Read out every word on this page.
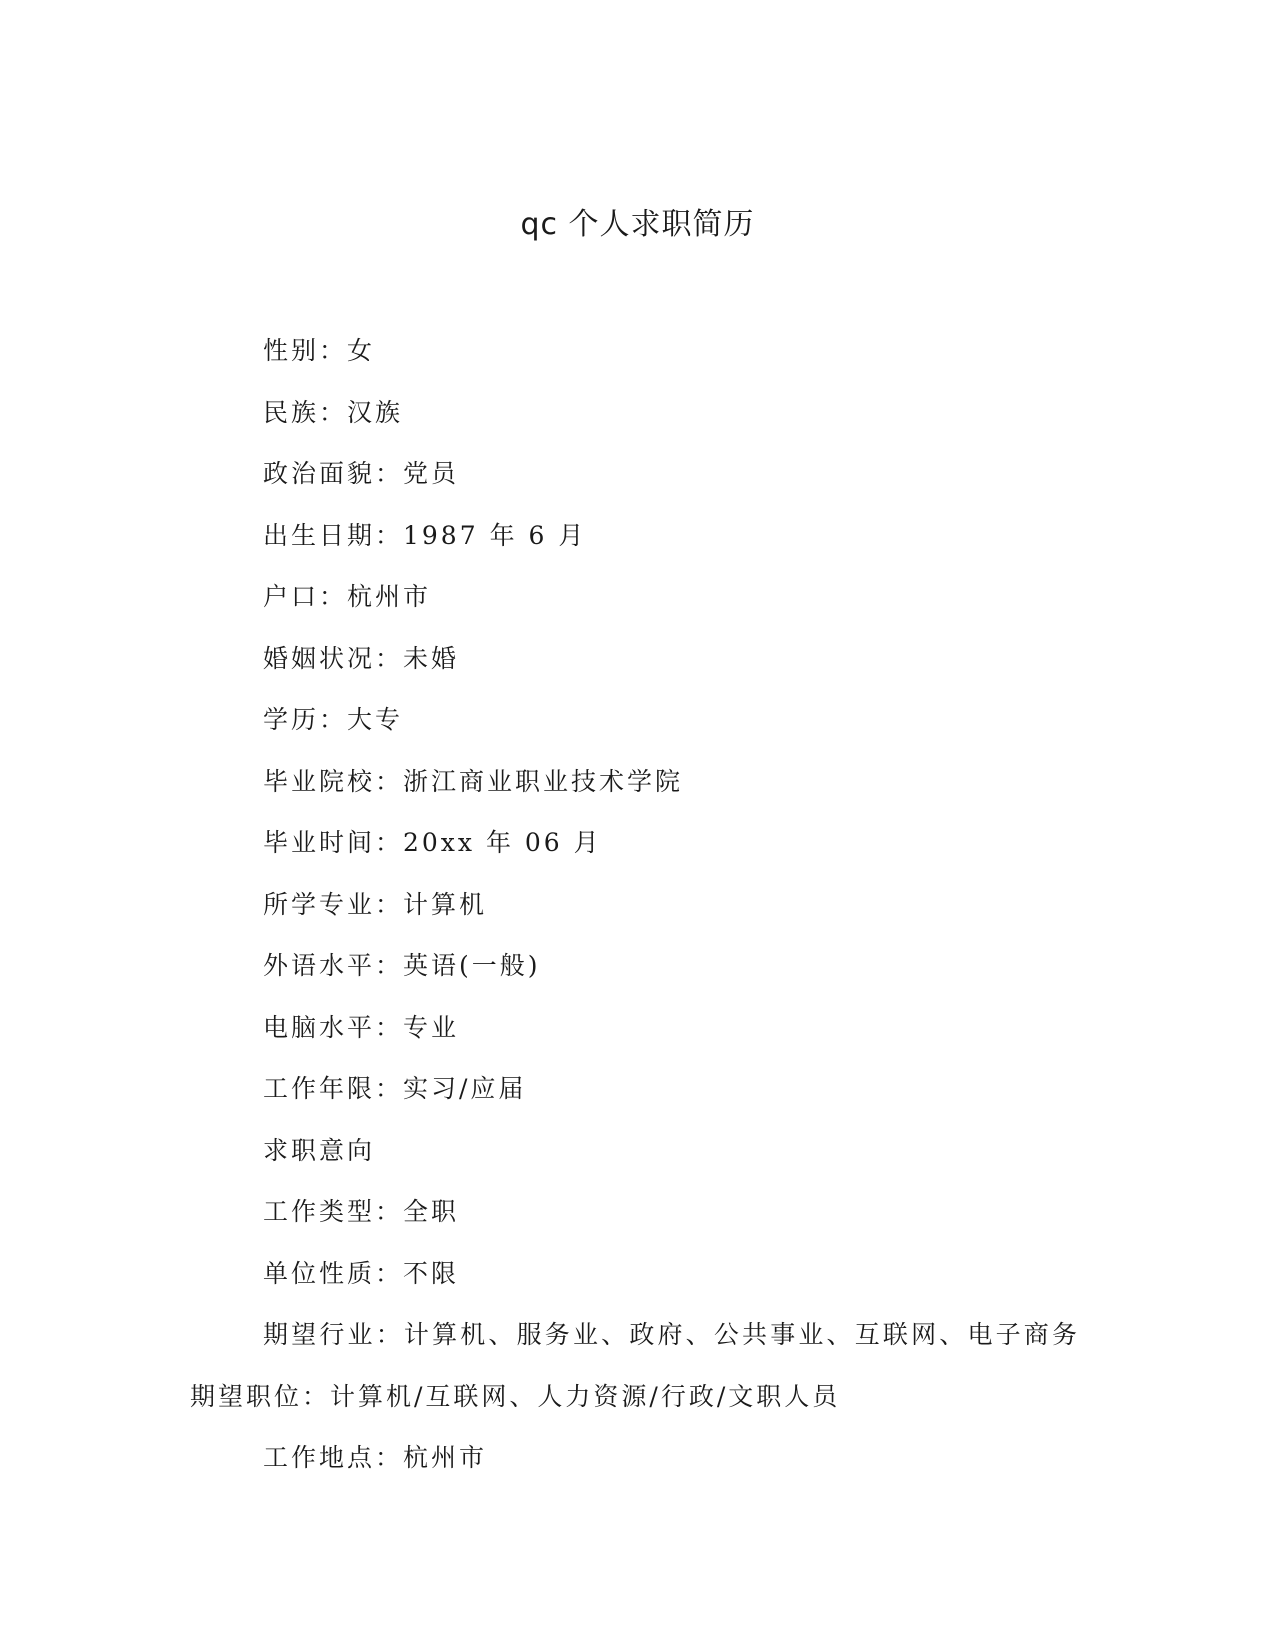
qc 个人求职简历

性别：女

民族：汉族

政治面貌：党员

出生日期：1987 年 6 月

户口：杭州市

婚姻状况：未婚

学历：大专

毕业院校：浙江商业职业技术学院

毕业时间：20xx 年 06 月

所学专业：计算机

外语水平：英语(一般)

电脑水平：专业

工作年限：实习/应届

求职意向

工作类型：全职

单位性质：不限

期望行业：计算机、服务业、政府、公共事业、互联网、电子商务期望职位：计算机/互联网、人力资源/行政/文职人员

工作地点：杭州市
